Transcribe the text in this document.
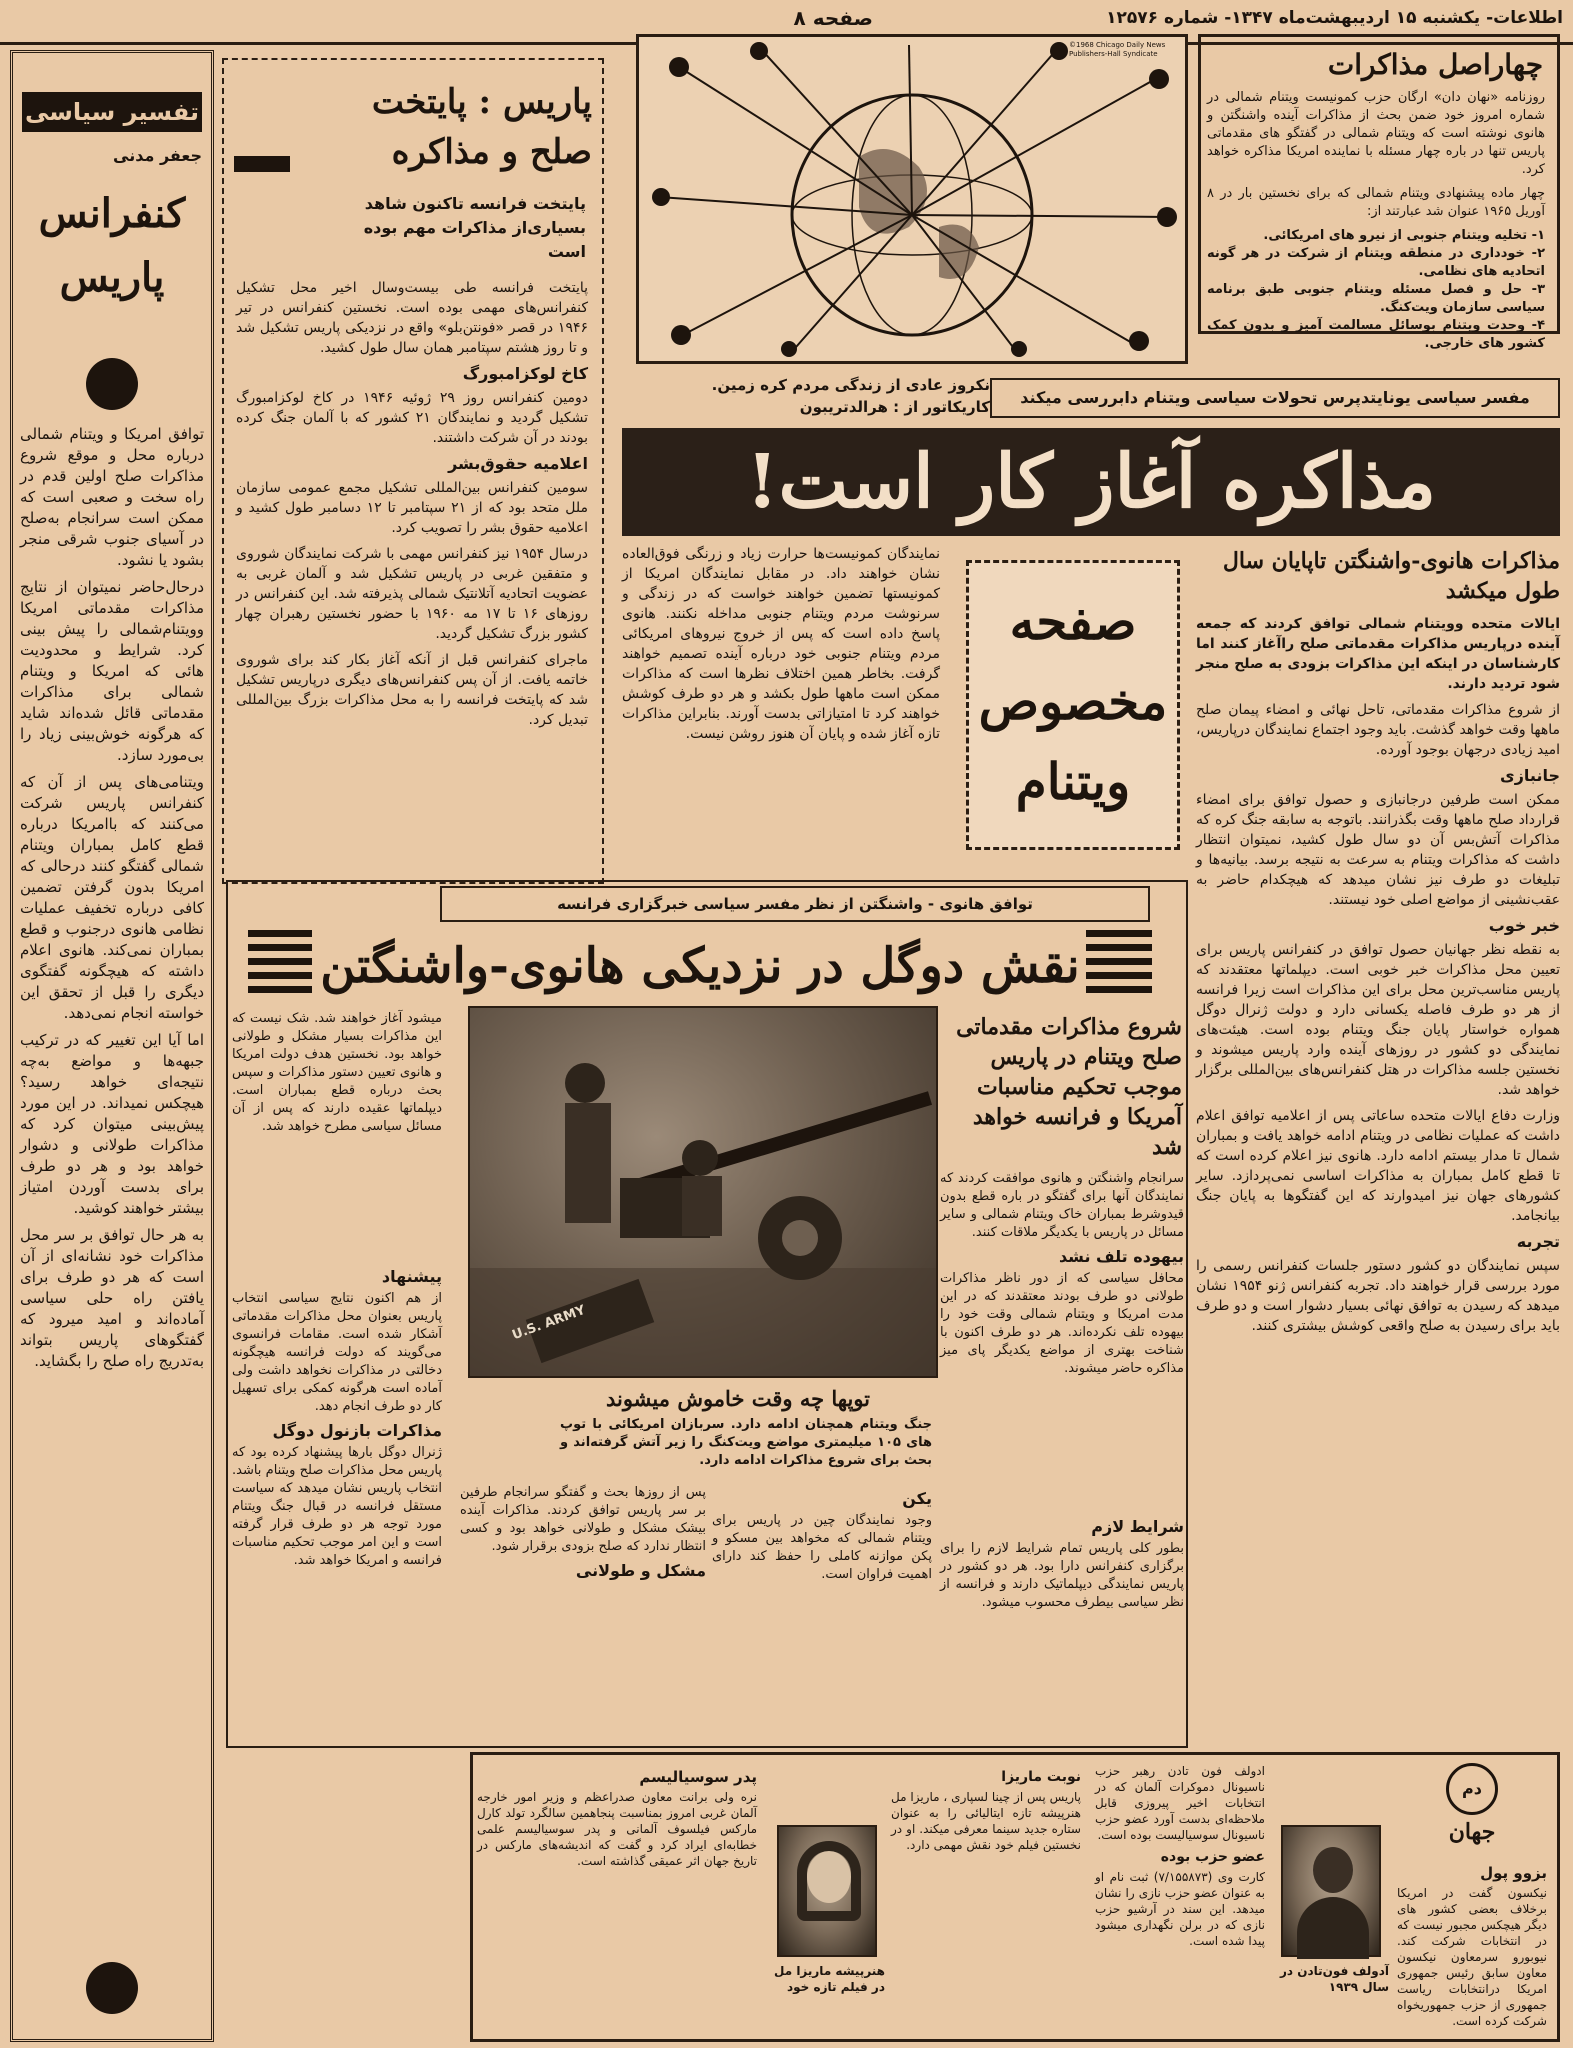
اطلاعات- یکشنبه ۱۵ اردیبهشت‌ماه ۱۳۴۷- شماره ۱۲۵۷۶
صفحه ۸
تفسیر سیاسی
جعفر مدنی
کنفرانس
پاریس

توافق امریکا و ویتنام شمالی درباره محل و موقع شروع مذاکرات صلح اولین قدم در راه سخت و صعبی است که ممکن است سرانجام به‌صلح در آسیای جنوب شرقی منجر بشود یا نشود.

درحال‌حاضر نمیتوان از نتایج مذاکرات مقدماتی امریکا وویتنام‌شمالی را پیش بینی کرد. شرایط و محدودیت هائی که امریکا و ویتنام شمالی برای مذاکرات مقدماتی قائل شده‌اند شاید که هرگونه خوش‌بینی زیاد را بی‌مورد سازد.

ویتنامی‌های پس از آن که کنفرانس پاریس شرکت می‌کنند که باامریکا درباره قطع کامل بمباران ویتنام شمالی گفتگو کنند درحالی که امریکا بدون گرفتن تضمین کافی درباره تخفیف عملیات نظامی هانوی درجنوب و قطع بمباران نمی‌کند. هانوی اعلام داشته که هیچگونه گفتگوی دیگری را قبل از تحقق این خواسته انجام نمی‌دهد.

اما آیا این تغییر که در ترکیب جبهه‌ها و مواضع به‌چه نتیجه‌ای خواهد رسید؟ هیچکس نمیداند. در این مورد پیش‌بینی میتوان کرد که مذاکرات طولانی و دشوار خواهد بود و هر دو طرف برای بدست آوردن امتیاز بیشتر خواهند کوشید.

به هر حال توافق بر سر محل مذاکرات خود نشانه‌ای از آن است که هر دو طرف برای یافتن راه حلی سیاسی آماده‌اند و امید میرود که گفتگوهای پاریس بتواند به‌تدریج راه صلح را بگشاید.

پاریس : پایتخت
صلح و مذاکره
پایتخت فرانسه تاکنون شاهد بسیاری‌از مذاکرات مهم بوده است

پایتخت فرانسه طی بیست‌وسال اخیر محل تشکیل کنفرانس‌های مهمی بوده است. نخستین کنفرانس در تیر ۱۹۴۶ در قصر «فونتن‌بلو» واقع در نزدیکی پاریس تشکیل شد و تا روز هشتم سپتامبر همان سال طول کشید.

کاخ لوکزامبورگ

دومین کنفرانس روز ۲۹ ژوئیه ۱۹۴۶ در کاخ لوکزامبورگ تشکیل گردید و نمایندگان ۲۱ کشور که با آلمان جنگ کرده بودند در آن شرکت داشتند.

اعلامیه حقوق‌بشر

سومین کنفرانس بین‌المللی تشکیل مجمع عمومی سازمان ملل متحد بود که از ۲۱ سپتامبر تا ۱۲ دسامبر طول کشید و اعلامیه حقوق بشر را تصویب کرد.

درسال ۱۹۵۴ نیز کنفرانس مهمی با شرکت نمایندگان شوروی و متفقین غربی در پاریس تشکیل شد و آلمان غربی به عضویت اتحادیه آتلانتیک شمالی پذیرفته شد. این کنفرانس در روزهای ۱۶ تا ۱۷ مه ۱۹۶۰ با حضور نخستین رهبران چهار کشور بزرگ تشکیل گردید.

ماجرای کنفرانس قبل از آنکه آغاز بکار کند برای شوروی خاتمه یافت. از آن پس کنفرانس‌های دیگری درپاریس تشکیل شد که پایتخت فرانسه را به محل مذاکرات بزرگ بین‌المللی تبدیل کرد.

©1968 Chicago Daily News Publishers-Hall Syndicate
نکروز عادی از زندگی مردم کره زمین.
کاریکاتور از : هرالدتریبون
چهاراصل مذاکرات

روزنامه «نهان دان» ارگان حزب کمونیست ویتنام شمالی در شماره امروز خود ضمن بحث از مذاکرات آینده واشنگتن و هانوی نوشته است که ویتنام شمالی در گفتگو های مقدماتی پاریس تنها در باره چهار مسئله با نماینده امریکا مذاکره خواهد کرد.

چهار ماده پیشنهادی ویتنام شمالی که برای نخستین بار در ۸ آوریل ۱۹۶۵ عنوان شد عبارتند از:

۱- تخلیه ویتنام جنوبی از نیرو های امریکائی.

۲- خودداری در منطقه ویتنام از شرکت در هر گونه اتحادیه های نظامی.

۳- حل و فصل مسئله ویتنام جنوبی طبق برنامه سیاسی سازمان ویت‌کنگ.

۴- وحدت ویتنام بوسائل مسالمت آمیز و بدون کمک کشور های خارجی.

مفسر سیاسی یونایتدپرس تحولات سیاسی ویتنام دابررسی میکند
مذاکره آغاز کار است!
نمایندگان کمونیست‌ها حرارت زیاد و زرنگی فوق‌العاده نشان خواهند داد. در مقابل نمایندگان امریکا از کمونیستها تضمین خواهند خواست که در زندگی و سرنوشت مردم ویتنام جنوبی مداخله نکنند. هانوی پاسخ داده است که پس از خروج نیروهای امریکائی مردم ویتنام جنوبی خود درباره آینده تصمیم خواهند گرفت. بخاطر همین اختلاف نظرها است که مذاکرات ممکن است ماهها طول بکشد و هر دو طرف کوشش خواهند کرد تا امتیازاتی بدست آورند. بنابراین مذاکرات تازه آغاز شده و پایان آن هنوز روشن نیست.
صفحه
مخصوص
ویتنام
مذاکرات هانوی-واشنگتن تاپایان سال طول میکشد

ایالات متحده وویتنام شمالی توافق کردند که جمعه آینده درپاریس مذاکرات مقدماتی صلح راآغاز کنند اما کارشناسان در اینکه این مذاکرات بزودی به صلح منجر شود تردید دارند.

از شروع مذاکرات مقدماتی، تاحل نهائی و امضاء پیمان صلح ماهها وقت خواهد گذشت. باید وجود اجتماع نمایندگان درپاریس، امید زیادی درجهان بوجود آورده.

جانبازی

ممکن است طرفین درجانبازی و حصول توافق برای امضاء قرارداد صلح ماهها وقت بگذرانند. باتوجه به سابقه جنگ کره که مذاکرات آتش‌بس آن دو سال طول کشید، نمیتوان انتظار داشت که مذاکرات ویتنام به سرعت به نتیجه برسد. بیانیه‌ها و تبلیغات دو طرف نیز نشان میدهد که هیچکدام حاضر به عقب‌نشینی از مواضع اصلی خود نیستند.

خبر خوب

به نقطه نظر جهانیان حصول توافق در کنفرانس پاریس برای تعیین محل مذاکرات خبر خوبی است. دیپلماتها معتقدند که پاریس مناسب‌ترین محل برای این مذاکرات است زیرا فرانسه از هر دو طرف فاصله یکسانی دارد و دولت ژنرال دوگل همواره خواستار پایان جنگ ویتنام بوده است. هیئت‌های نمایندگی دو کشور در روزهای آینده وارد پاریس میشوند و نخستین جلسه مذاکرات در هتل کنفرانس‌های بین‌المللی برگزار خواهد شد.

وزارت دفاع ایالات متحده ساعاتی پس از اعلامیه توافق اعلام داشت که عملیات نظامی در ویتنام ادامه خواهد یافت و بمباران شمال تا مدار بیستم ادامه دارد. هانوی نیز اعلام کرده است که تا قطع کامل بمباران به مذاکرات اساسی نمی‌پردازد. سایر کشورهای جهان نیز امیدوارند که این گفتگوها به پایان جنگ بیانجامد.

تجربه

سپس نمایندگان دو کشور دستور جلسات کنفرانس رسمی را مورد بررسی قرار خواهند داد. تجربه کنفرانس ژنو ۱۹۵۴ نشان میدهد که رسیدن به توافق نهائی بسیار دشوار است و دو طرف باید برای رسیدن به صلح واقعی کوشش بیشتری کنند.

توافق هانوی - واشنگتن از نظر مفسر سیاسی خبرگزاری فرانسه
نقش دوگل در نزدیکی هانوی-واشنگتن
شروع مذاکرات مقدماتی صلح ویتنام در پاریس موجب تحکیم مناسبات آمریکا و فرانسه خواهد شد

سرانجام واشنگتن و هانوی موافقت کردند که نمایندگان آنها برای گفتگو در باره قطع بدون قیدوشرط بمباران خاک ویتنام شمالی و سایر مسائل در پاریس با یکدیگر ملاقات کنند.

بیهوده تلف نشد

محافل سیاسی که از دور ناظر مذاکرات طولانی دو طرف بودند معتقدند که در این مدت امریکا و ویتنام شمالی وقت خود را بیهوده تلف نکرده‌اند. هر دو طرف اکنون با شناخت بهتری از مواضع یکدیگر پای میز مذاکره حاضر میشوند.

میشود آغاز خواهند شد. شک نیست که این مذاکرات بسیار مشکل و طولانی خواهد بود. نخستین هدف دولت امریکا و هانوی تعیین دستور مذاکرات و سپس بحث درباره قطع بمباران است. دیپلماتها عقیده دارند که پس از آن مسائل سیاسی مطرح خواهد شد.
U.S. ARMY
توپها چه وقت خاموش میشوند
جنگ ویتنام همچنان ادامه دارد. سربازان امریکائی با توپ های ۱۰۵ میلیمتری مواضع ویت‌کنگ را زیر آتش گرفته‌اند و بحث برای شروع مذاکرات ادامه دارد.
پیشنهاد

از هم اکنون نتایج سیاسی انتخاب پاریس بعنوان محل مذاکرات مقدماتی آشکار شده است. مقامات فرانسوی می‌گویند که دولت فرانسه هیچگونه دخالتی در مذاکرات نخواهد داشت ولی آماده است هرگونه کمکی برای تسهیل کار دو طرف انجام دهد.

مذاکرات بازنول دوگل

ژنرال دوگل بارها پیشنهاد کرده بود که پاریس محل مذاکرات صلح ویتنام باشد. انتخاب پاریس نشان میدهد که سیاست مستقل فرانسه در قبال جنگ ویتنام مورد توجه هر دو طرف قرار گرفته است و این امر موجب تحکیم مناسبات فرانسه و امریکا خواهد شد.

پس از روزها بحث و گفتگو سرانجام طرفین بر سر پاریس توافق کردند. مذاکرات آینده بیشک مشکل و طولانی خواهد بود و کسی انتظار ندارد که صلح بزودی برقرار شود.

مشکل و طولانی
یکن

وجود نمایندگان چین در پاریس برای ویتنام شمالی که مخواهد بین مسکو و پکن موازنه کاملی را حفظ کند دارای اهمیت فراوان است.

شرایط لازم

بطور کلی پاریس تمام شرایط لازم را برای برگزاری کنفرانس دارا بود. هر دو کشور در پاریس نمایندگی دیپلماتیک دارند و فرانسه از نظر سیاسی بیطرف محسوب میشود.

دم
جهان
بزوو پول

نیکسون گفت در امریکا برخلاف بعضی کشور های دیگر هیچکس مجبور نیست که در انتخابات شرکت کند. نیوبورو سرمعاون نیکسون معاون سابق رئیس جمهوری امریکا درانتخابات ریاست جمهوری از حزب جمهوریخواه شرکت کرده است.

آدولف فون‌تادن در سال ۱۹۳۹

ادولف فون تادن رهبر حزب ناسیونال دموکرات آلمان که در انتخابات اخیر پیروزی قابل ملاحظه‌ای بدست آورد عضو حزب ناسیونال سوسیالیست بوده است.

عضو حزب بوده

کارت وی (۷/۱۵۵۸۷۳) ثبت نام او به عنوان عضو حزب نازی را نشان میدهد. این سند در آرشیو حزب نازی که در برلن نگهداری میشود پیدا شده است.

نوبت ماریزا

پاریس پس از چینا لسپاری ، ماریزا مل هنرپیشه تازه ایتالیائی را به عنوان ستاره جدید سینما معرفی میکند. او در نخستین فیلم خود نقش مهمی دارد.

هنرپیشه ماریزا مل در فیلم تازه خود
پدر سوسیالیسم

نره ولی برانت معاون صدراعظم و وزیر امور خارجه آلمان غربی امروز بمناسبت پنجاهمین سالگرد تولد کارل مارکس فیلسوف آلمانی و پدر سوسیالیسم علمی خطابه‌ای ایراد کرد و گفت که اندیشه‌های مارکس در تاریخ جهان اثر عمیقی گذاشته است.
